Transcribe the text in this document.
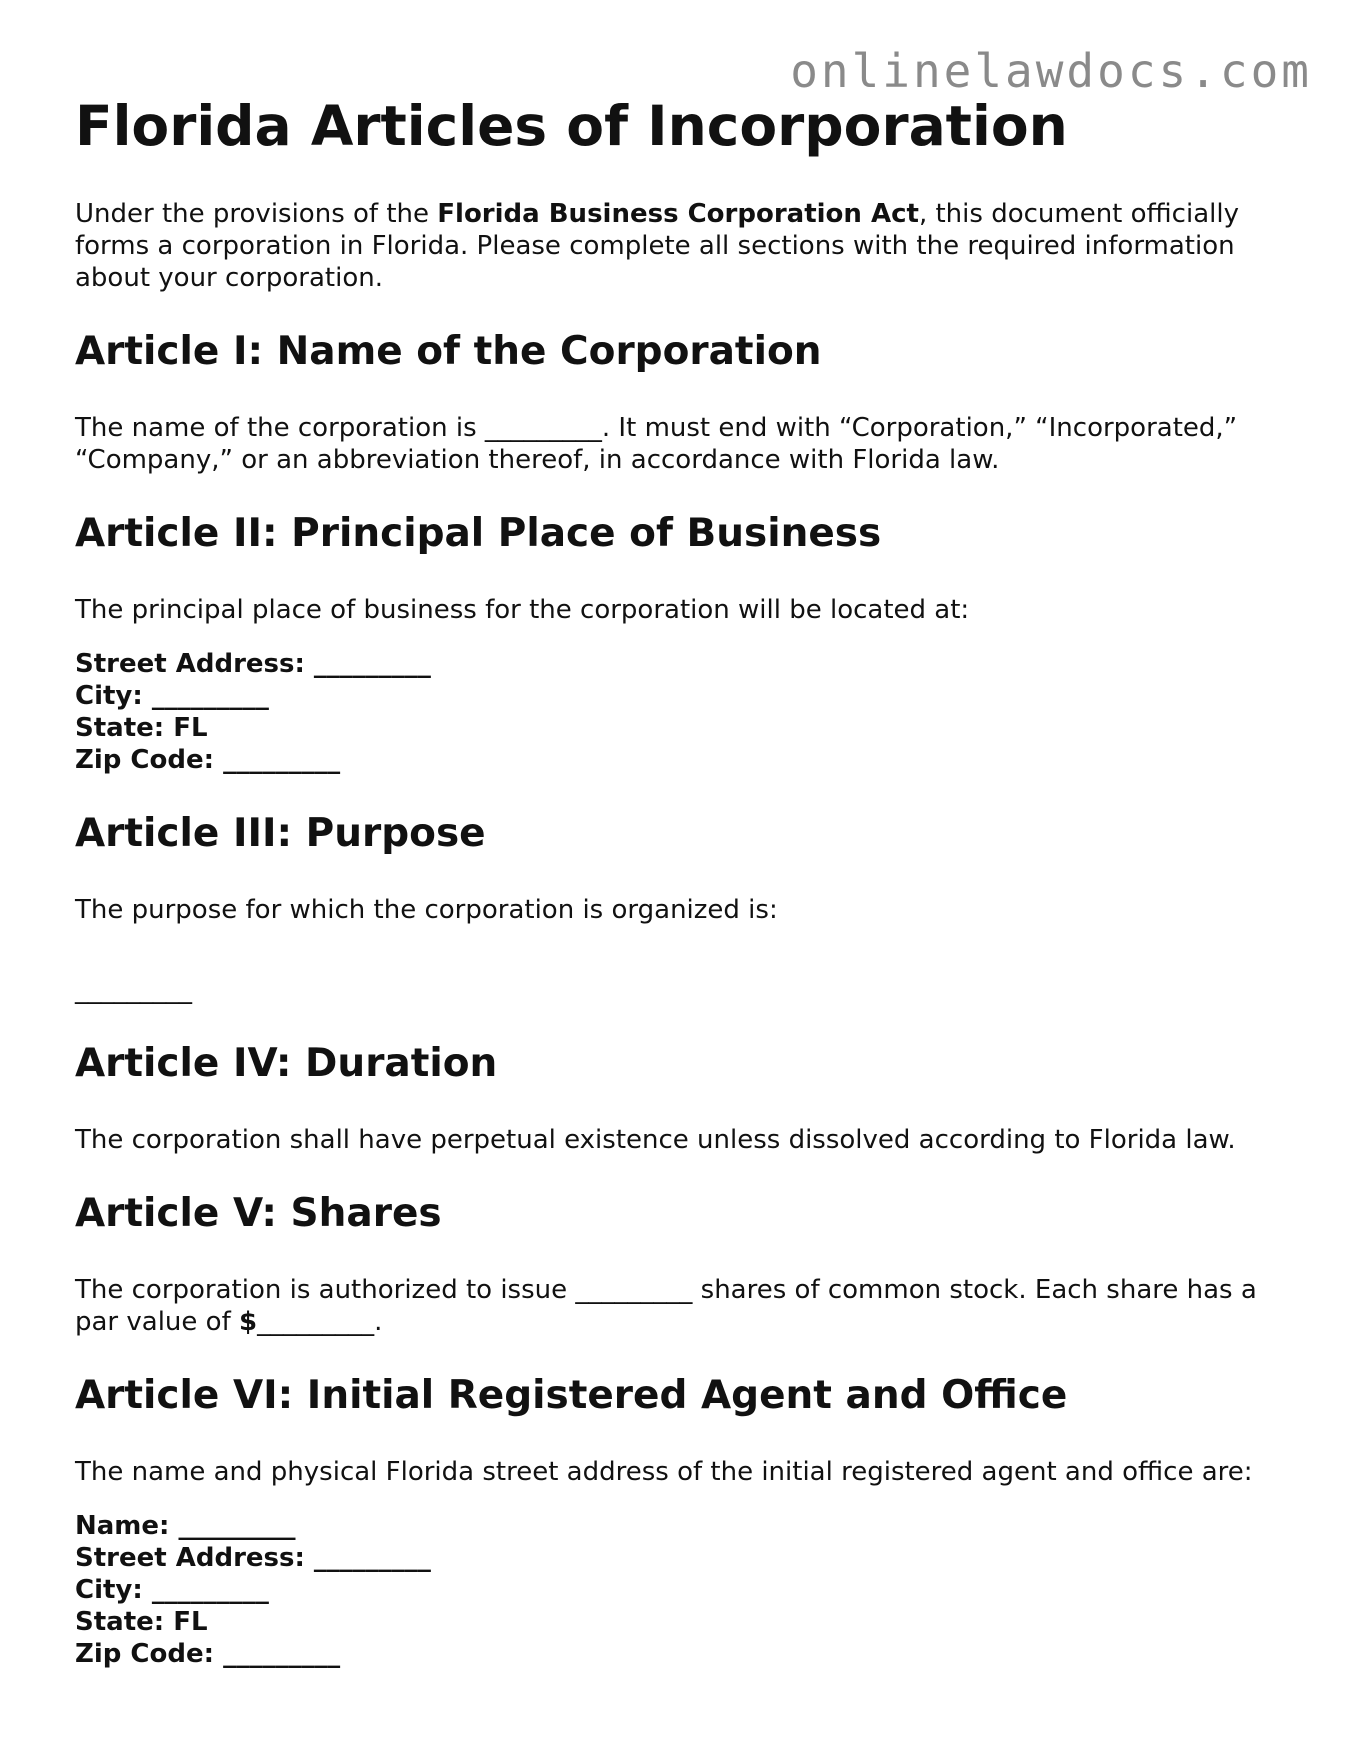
onlinelawdocs.com
Florida Articles of Incorporation

Under the provisions of the Florida Business Corporation Act, this document officially forms a corporation in Florida. Please complete all sections with the required information about your corporation.

Article I: Name of the Corporation

The name of the corporation is _________. It must end with “Corporation,” “Incorporated,” “Company,” or an abbreviation thereof, in accordance with Florida law.

Article II: Principal Place of Business

The principal place of business for the corporation will be located at:

Street Address: _________
City: _________
State: FL
Zip Code: _________
Article III: Purpose

The purpose for which the corporation is organized is:

_________

Article IV: Duration

The corporation shall have perpetual existence unless dissolved according to Florida law.

Article V: Shares

The corporation is authorized to issue _________ shares of common stock. Each share has a par value of $_________.

Article VI: Initial Registered Agent and Office

The name and physical Florida street address of the initial registered agent and office are:

Name: _________
Street Address: _________
City: _________
State: FL
Zip Code: _________
